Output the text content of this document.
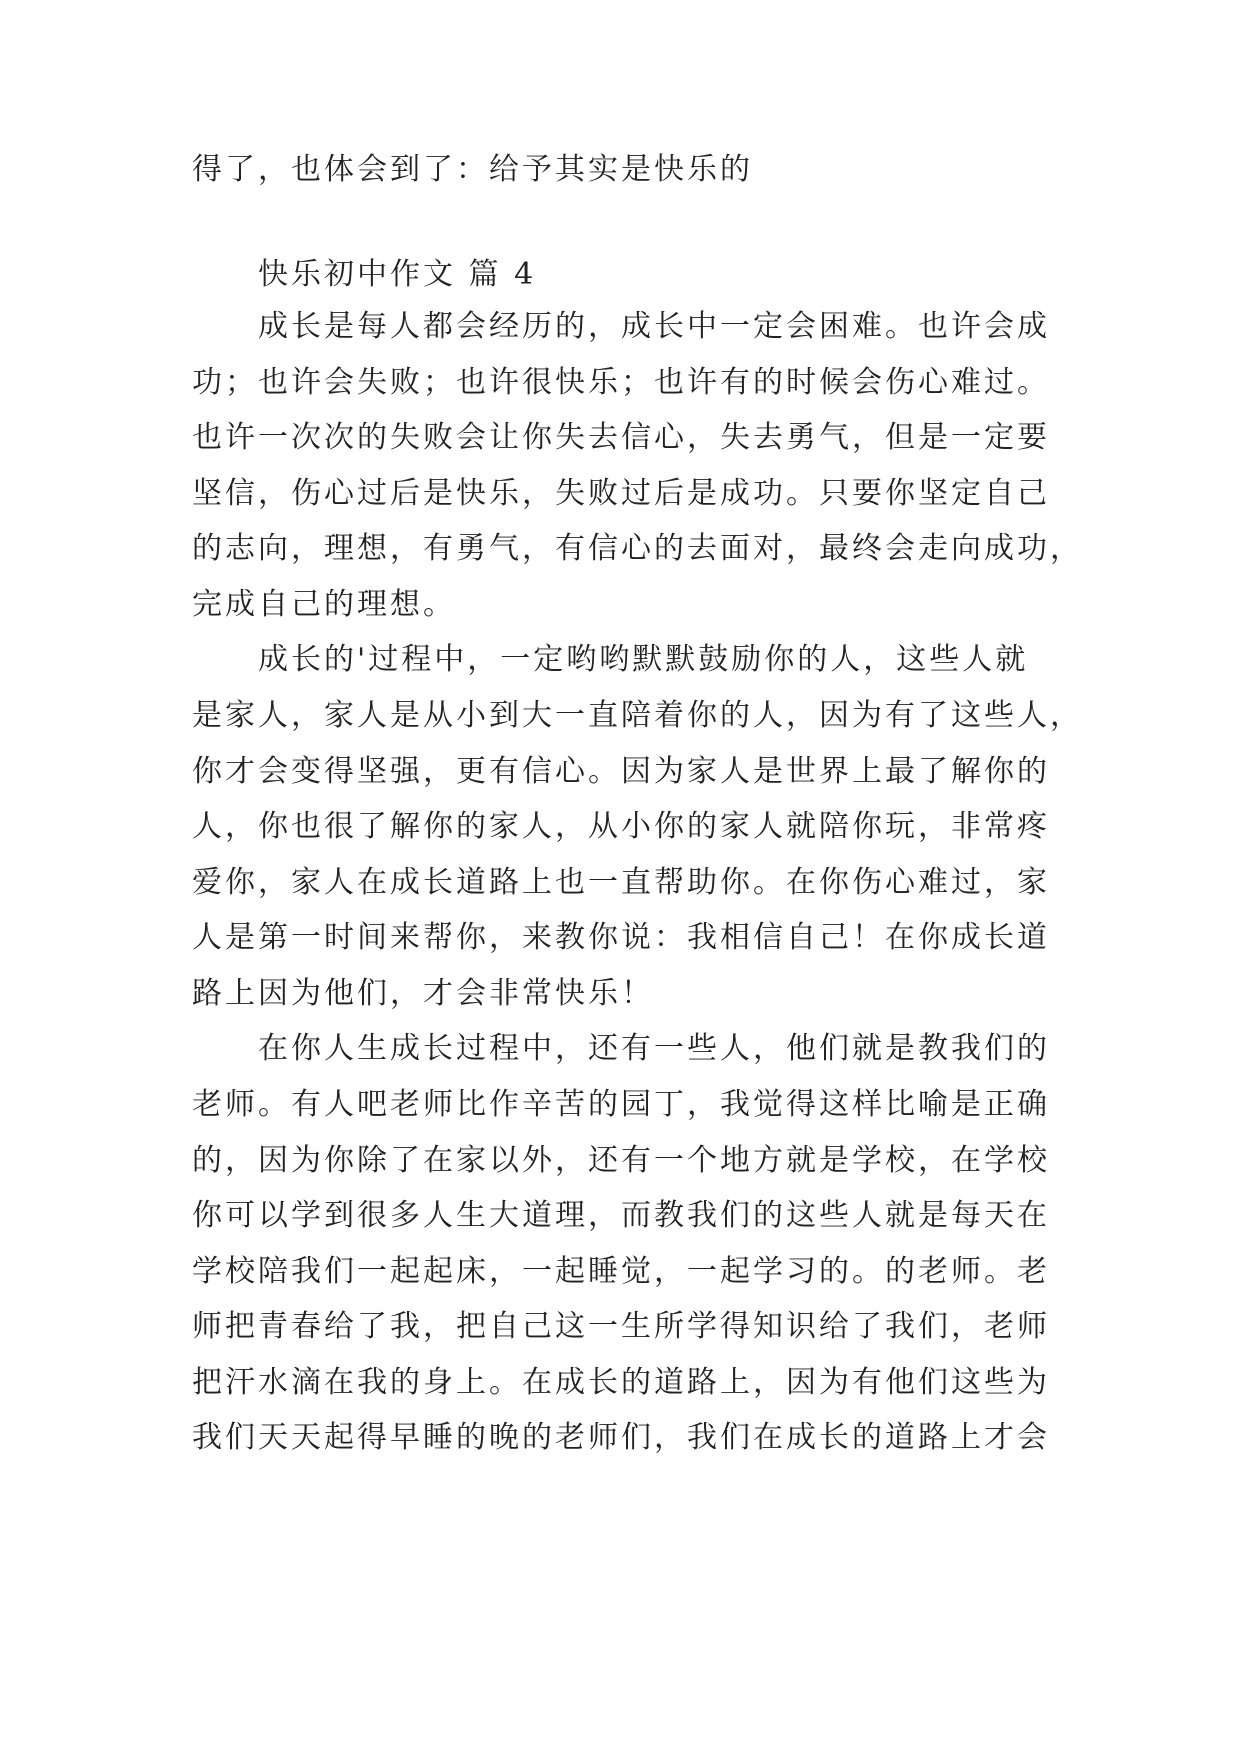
得了，也体会到了：给予其实是快乐的
快乐初中作文 篇 4
成长是每人都会经历的，成长中一定会困难。也许会成
功；也许会失败；也许很快乐；也许有的时候会伤心难过。
也许一次次的失败会让你失去信心，失去勇气，但是一定要
坚信，伤心过后是快乐，失败过后是成功。只要你坚定自己
的志向，理想，有勇气，有信心的去面对，最终会走向成功，
完成自己的理想。
成长的'过程中，一定哟哟默默鼓励你的人，这些人就
是家人，家人是从小到大一直陪着你的人，因为有了这些人，
你才会变得坚强，更有信心。因为家人是世界上最了解你的
人，你也很了解你的家人，从小你的家人就陪你玩，非常疼
爱你，家人在成长道路上也一直帮助你。在你伤心难过，家
人是第一时间来帮你，来教你说：我相信自己！在你成长道
路上因为他们，才会非常快乐！
在你人生成长过程中，还有一些人，他们就是教我们的
老师。有人吧老师比作辛苦的园丁，我觉得这样比喻是正确
的，因为你除了在家以外，还有一个地方就是学校，在学校
你可以学到很多人生大道理，而教我们的这些人就是每天在
学校陪我们一起起床，一起睡觉，一起学习的。的老师。老
师把青春给了我，把自己这一生所学得知识给了我们，老师
把汗水滴在我的身上。在成长的道路上，因为有他们这些为
我们天天起得早睡的晚的老师们，我们在成长的道路上才会
